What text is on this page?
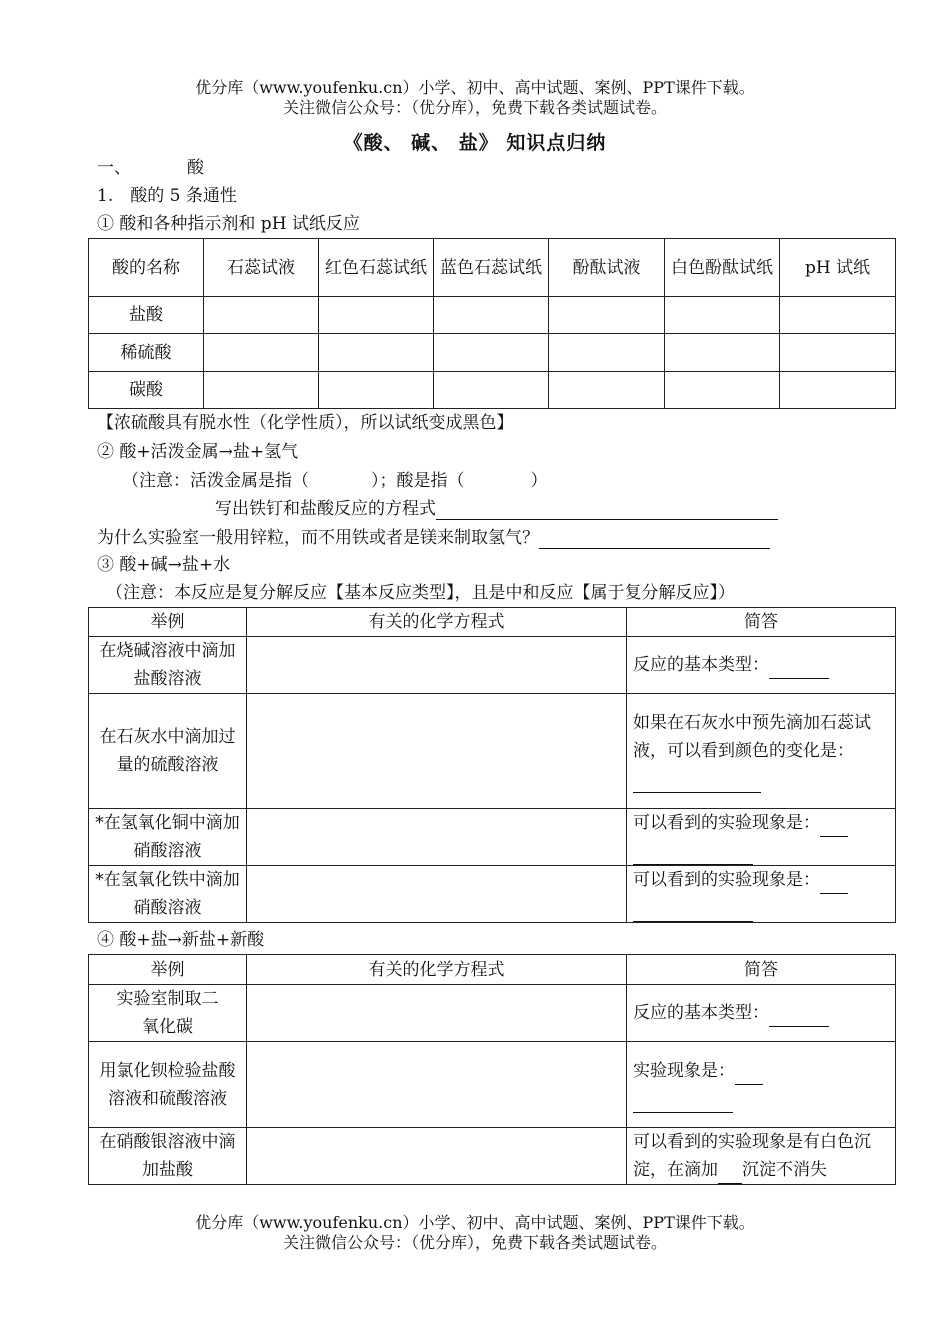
优分库（www.youfenku.cn）小学、初中、高中试题、案例、PPT课件下载。
关注微信公众号：（优分库），免费下载各类试题试卷。
《酸、 碱、 盐》 知识点归纳
一、	酸
1.　酸的 5 条通性
① 酸和各种指示剂和 pH 试纸反应
酸的名称	石蕊试液	红色石蕊试纸	蓝色石蕊试纸	酚酞试液	白色酚酞试纸	pH 试纸
盐酸						
稀硫酸						
碳酸						
【浓硫酸具有脱水性（化学性质），所以试纸变成黑色】
② 酸+活泼金属→盐+氢气
（注意：活泼金属是指（	）；酸是指（	）
写出铁钉和盐酸反应的方程式
为什么实验室一般用锌粒，而不用铁或者是镁来制取氢气？
③ 酸+碱→盐+水
（注意：本反应是复分解反应【基本反应类型】，且是中和反应【属于复分解反应】）
举例	有关的化学方程式	简答
在烧碱溶液中滴加盐酸溶液		反应的基本类型：
在石灰水中滴加过量的硫酸溶液		如果在石灰水中预先滴加石蕊试液，可以看到颜色的变化是：

*在氢氧化铜中滴加硝酸溶液		可以看到的实验现象是：

*在氢氧化铁中滴加硝酸溶液		可以看到的实验现象是：

④ 酸+盐→新盐+新酸
举例	有关的化学方程式	简答
实验室制取二氧化碳		反应的基本类型：
用氯化钡检验盐酸溶液和硫酸溶液		实验现象是：

在硝酸银溶液中滴加盐酸		可以看到的实验现象是有白色沉淀，在滴加 沉淀不消失
优分库（www.youfenku.cn）小学、初中、高中试题、案例、PPT课件下载。
关注微信公众号：（优分库），免费下载各类试题试卷。
